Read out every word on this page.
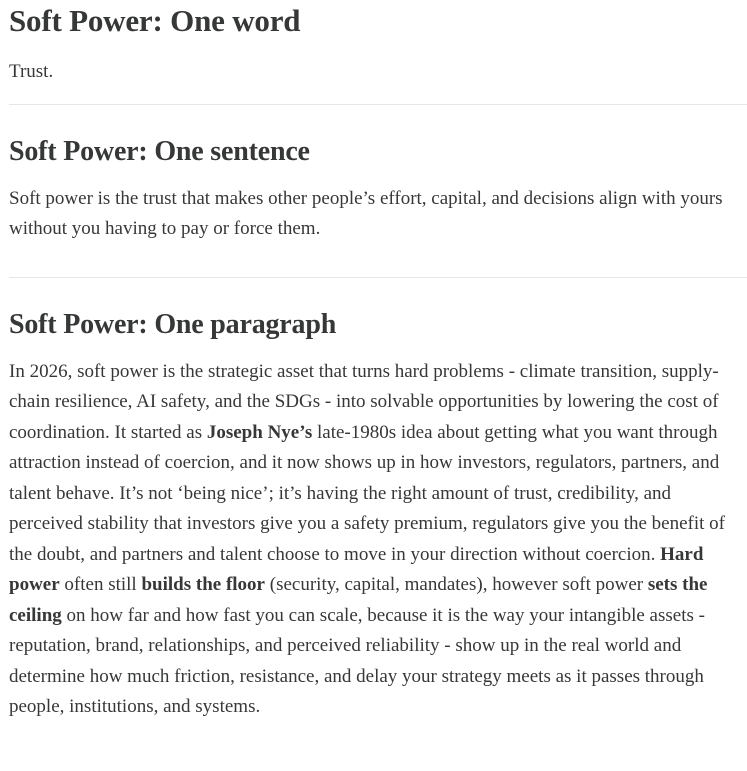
Soft Power: One word

Trust.

Soft Power: One sentence

Soft power is the trust that makes other people’s effort, capital, and decisions align with yours without you having to pay or force them.

Soft Power: One paragraph

In 2026, soft power is the strategic asset that turns hard problems - climate transition, supply-chain resilience, AI safety, and the SDGs - into solvable opportunities by lowering the cost of coordination. It started as Joseph Nye’s late-1980s idea about getting what you want through attraction instead of coercion, and it now shows up in how investors, regulators, partners, and talent behave. It’s not ‘being nice’; it’s having the right amount of trust, credibility, and perceived stability that investors give you a safety premium, regulators give you the benefit of the doubt, and partners and talent choose to move in your direction without coercion. Hard power often still builds the floor (security, capital, mandates), however soft power sets the ceiling on how far and how fast you can scale, because it is the way your intangible assets - reputation, brand, relationships, and perceived reliability - show up in the real world and determine how much friction, resistance, and delay your strategy meets as it passes through people, institutions, and systems.
